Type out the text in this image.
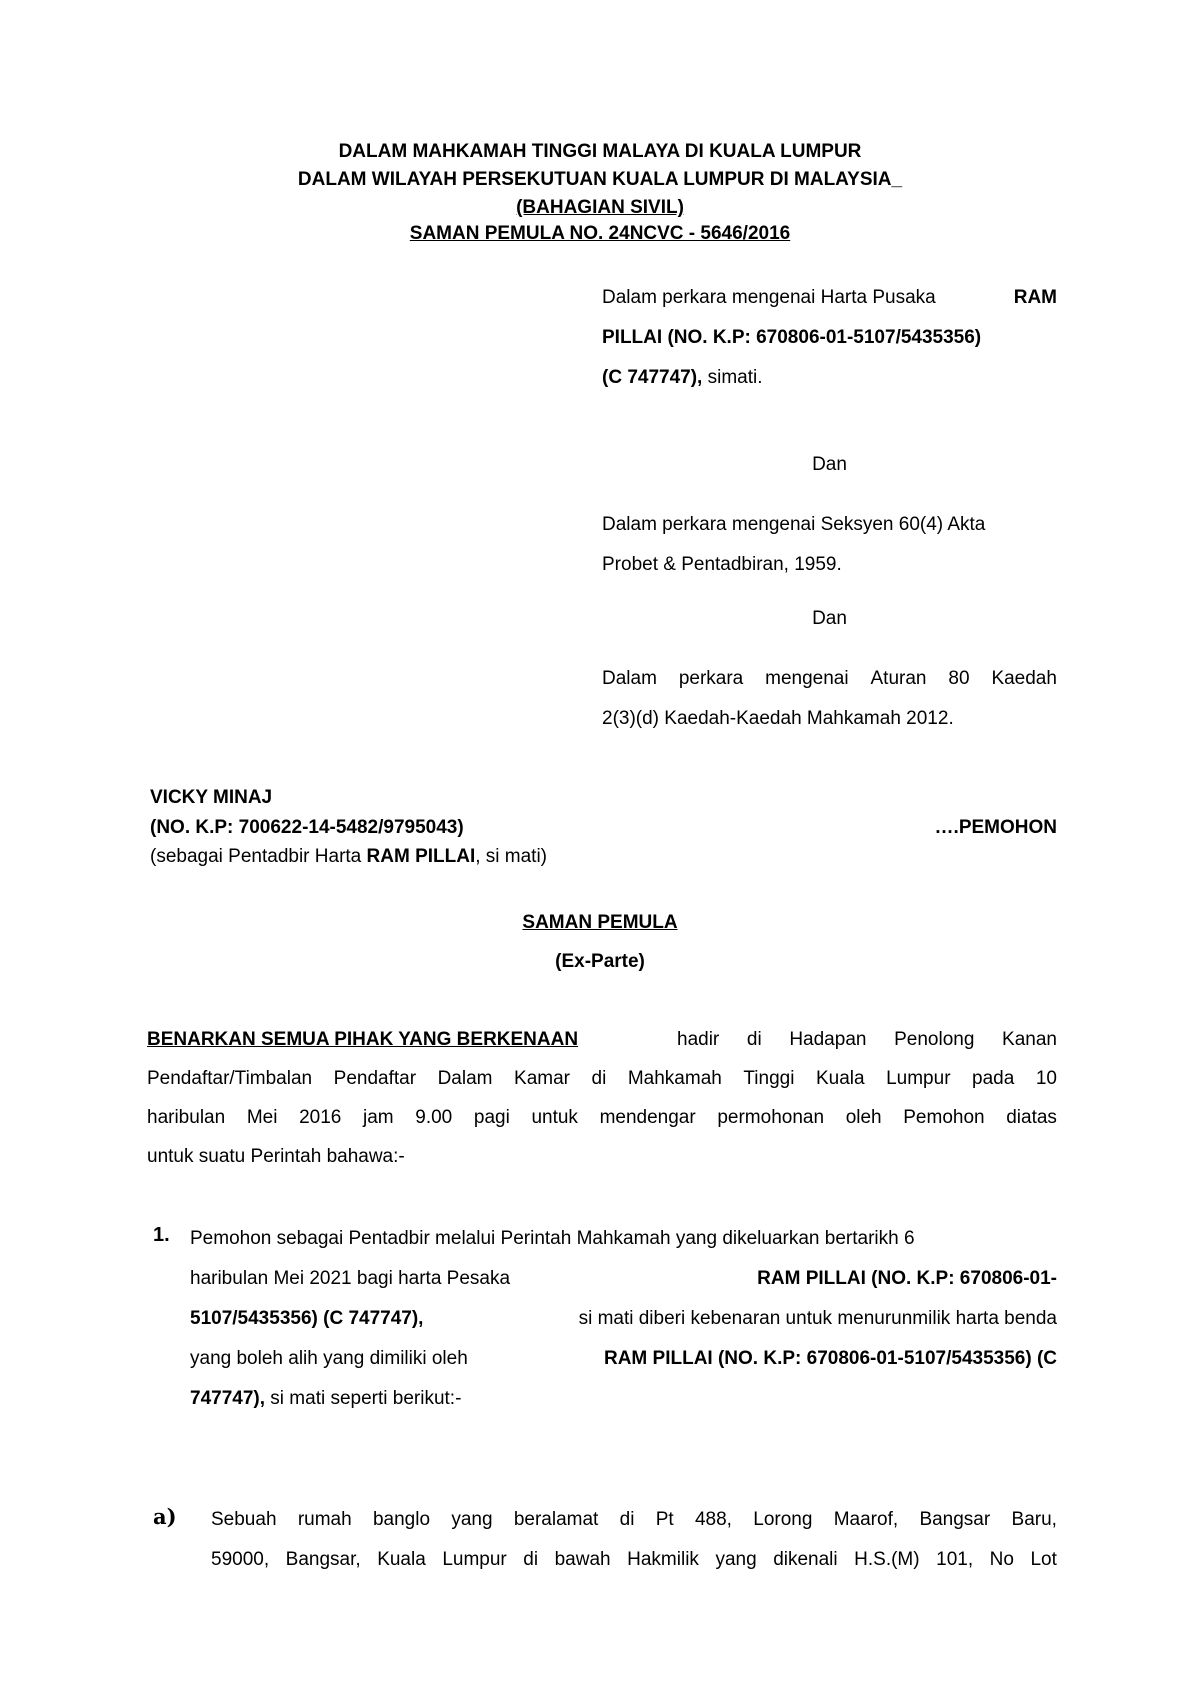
DALAM MAHKAMAH TINGGI MALAYA DI KUALA LUMPUR
DALAM WILAYAH PERSEKUTUAN KUALA LUMPUR DI MALAYSIA_
(BAHAGIAN SIVIL)
SAMAN PEMULA NO. 24NCVC - 5646/2016
Dalam perkara mengenai Harta Pusaka	RAM
PILLAI (NO. K.P: 670806-01-5107/5435356)
(C 747747), simati.
Dan
Dalam perkara mengenai Seksyen 60(4) Akta
Probet & Pentadbiran, 1959.
Dan
Dalam perkara mengenai Aturan 80 Kaedah
2(3)(d) Kaedah-Kaedah Mahkamah 2012.
VICKY MINAJ
(NO. K.P: 700622-14-5482/9795043)	….PEMOHON
(sebagai Pentadbir Harta RAM PILLAI, si mati)
SAMAN PEMULA
(Ex-Parte)
BENARKAN SEMUA PIHAK YANG BERKENAAN	hadir di Hadapan Penolong Kanan
Pendaftar/Timbalan Pendaftar Dalam Kamar di Mahkamah Tinggi Kuala Lumpur pada 10
haribulan Mei 2016 jam 9.00 pagi untuk mendengar permohonan oleh Pemohon diatas
untuk suatu Perintah bahawa:-
1. Pemohon sebagai Pentadbir melalui Perintah Mahkamah yang dikeluarkan bertarikh 6
haribulan Mei 2021 bagi harta Pesaka	RAM PILLAI (NO. K.P: 670806-01-
5107/5435356) (C 747747),	si mati diberi kebenaran untuk menurunmilik harta benda
yang boleh alih yang dimiliki oleh	RAM PILLAI (NO. K.P: 670806-01-5107/5435356) (C
747747), si mati seperti berikut:-
a) Sebuah rumah banglo yang beralamat di Pt 488, Lorong Maarof, Bangsar Baru,
59000, Bangsar, Kuala Lumpur di bawah Hakmilik yang dikenali H.S.(M) 101, No Lot
